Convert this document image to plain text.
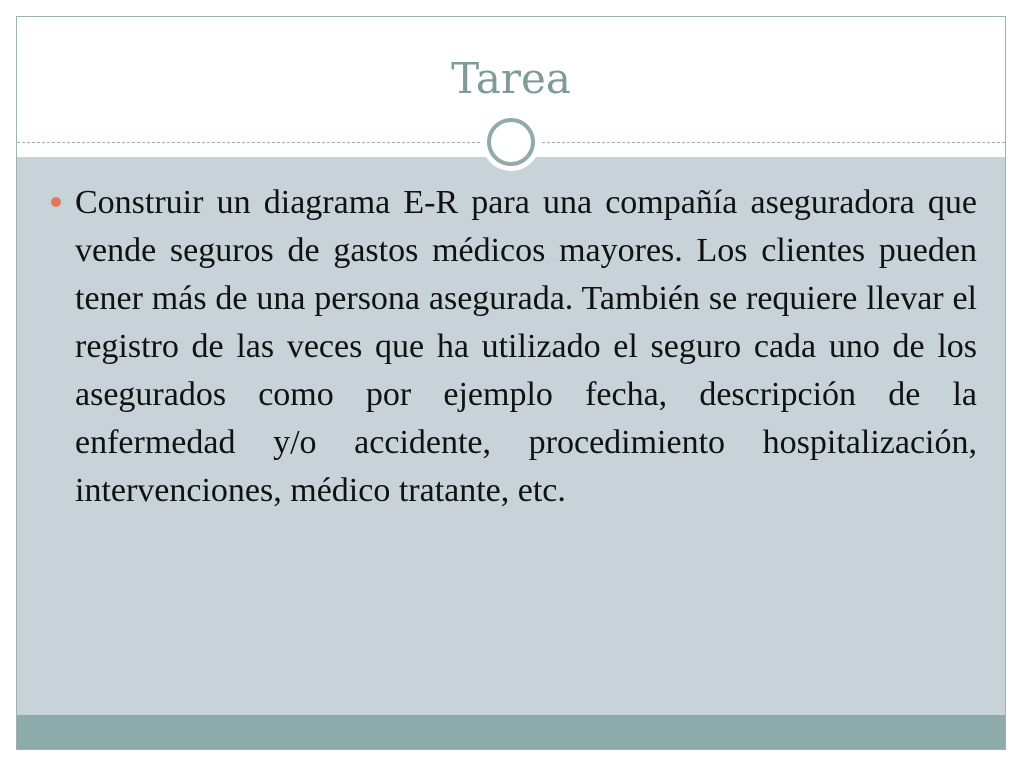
Tarea
Construir un diagrama E-R para una compañía aseguradora que vende seguros de gastos médicos mayores. Los clientes pueden tener más de una persona asegurada. También se requiere llevar el registro de las veces que ha utilizado el seguro cada uno de los asegurados como por ejemplo fecha, descripción de la enfermedad y/o accidente, procedimiento hospitalización, intervenciones, médico tratante, etc.
